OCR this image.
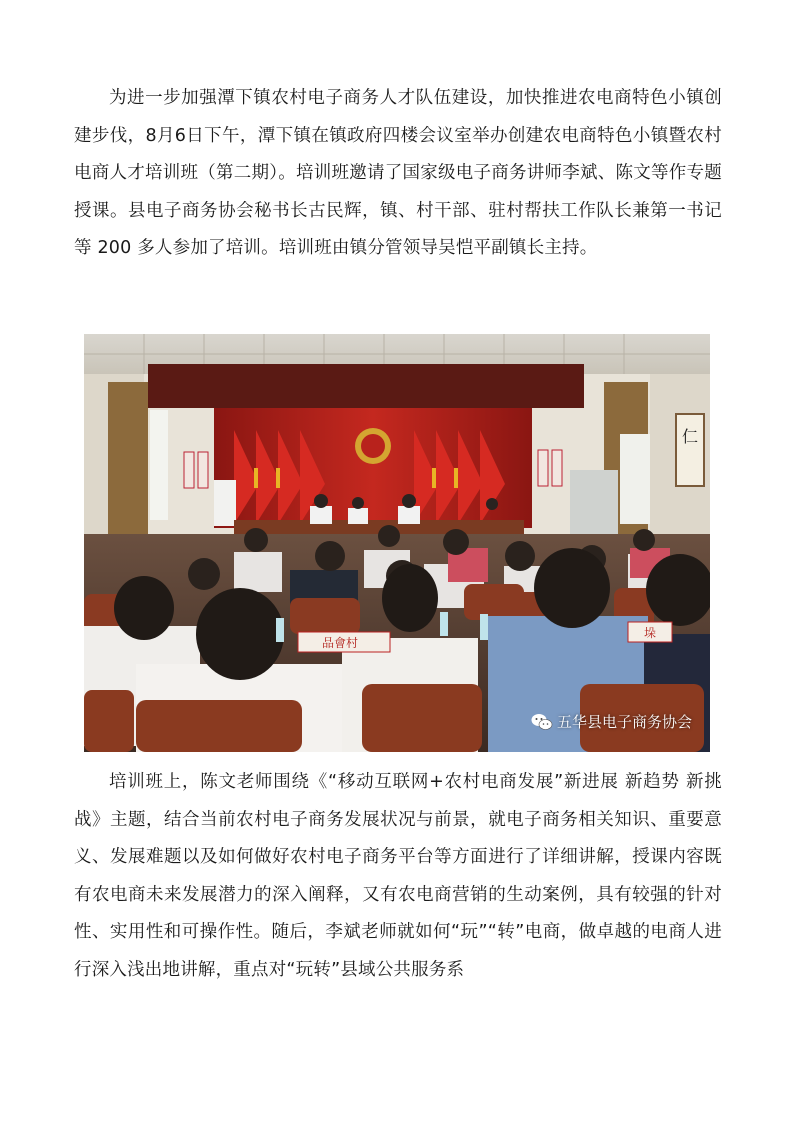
为进一步加强潭下镇农村电子商务人才队伍建设，加快推进农电商特色小镇创建步伐，8月6日下午，潭下镇在镇政府四楼会议室举办创建农电商特色小镇暨农村电商人才培训班（第二期）。培训班邀请了国家级电子商务讲师李斌、陈文等作专题授课。县电子商务协会秘书长古民辉，镇、村干部、驻村帮扶工作队长兼第一书记等 200 多人参加了培训。培训班由镇分管领导吴恺平副镇长主持。

仁
品會村
垛
五华县电子商务协会

培训班上，陈文老师围绕《“移动互联网+农村电商发展”新进展 新趋势 新挑战》主题，结合当前农村电子商务发展状况与前景，就电子商务相关知识、重要意义、发展难题以及如何做好农村电子商务平台等方面进行了详细讲解，授课内容既有农电商未来发展潜力的深入阐释，又有农电商营销的生动案例，具有较强的针对性、实用性和可操作性。随后，李斌老师就如何“玩”“转”电商，做卓越的电商人进行深入浅出地讲解，重点对“玩转”县域公共服务系
